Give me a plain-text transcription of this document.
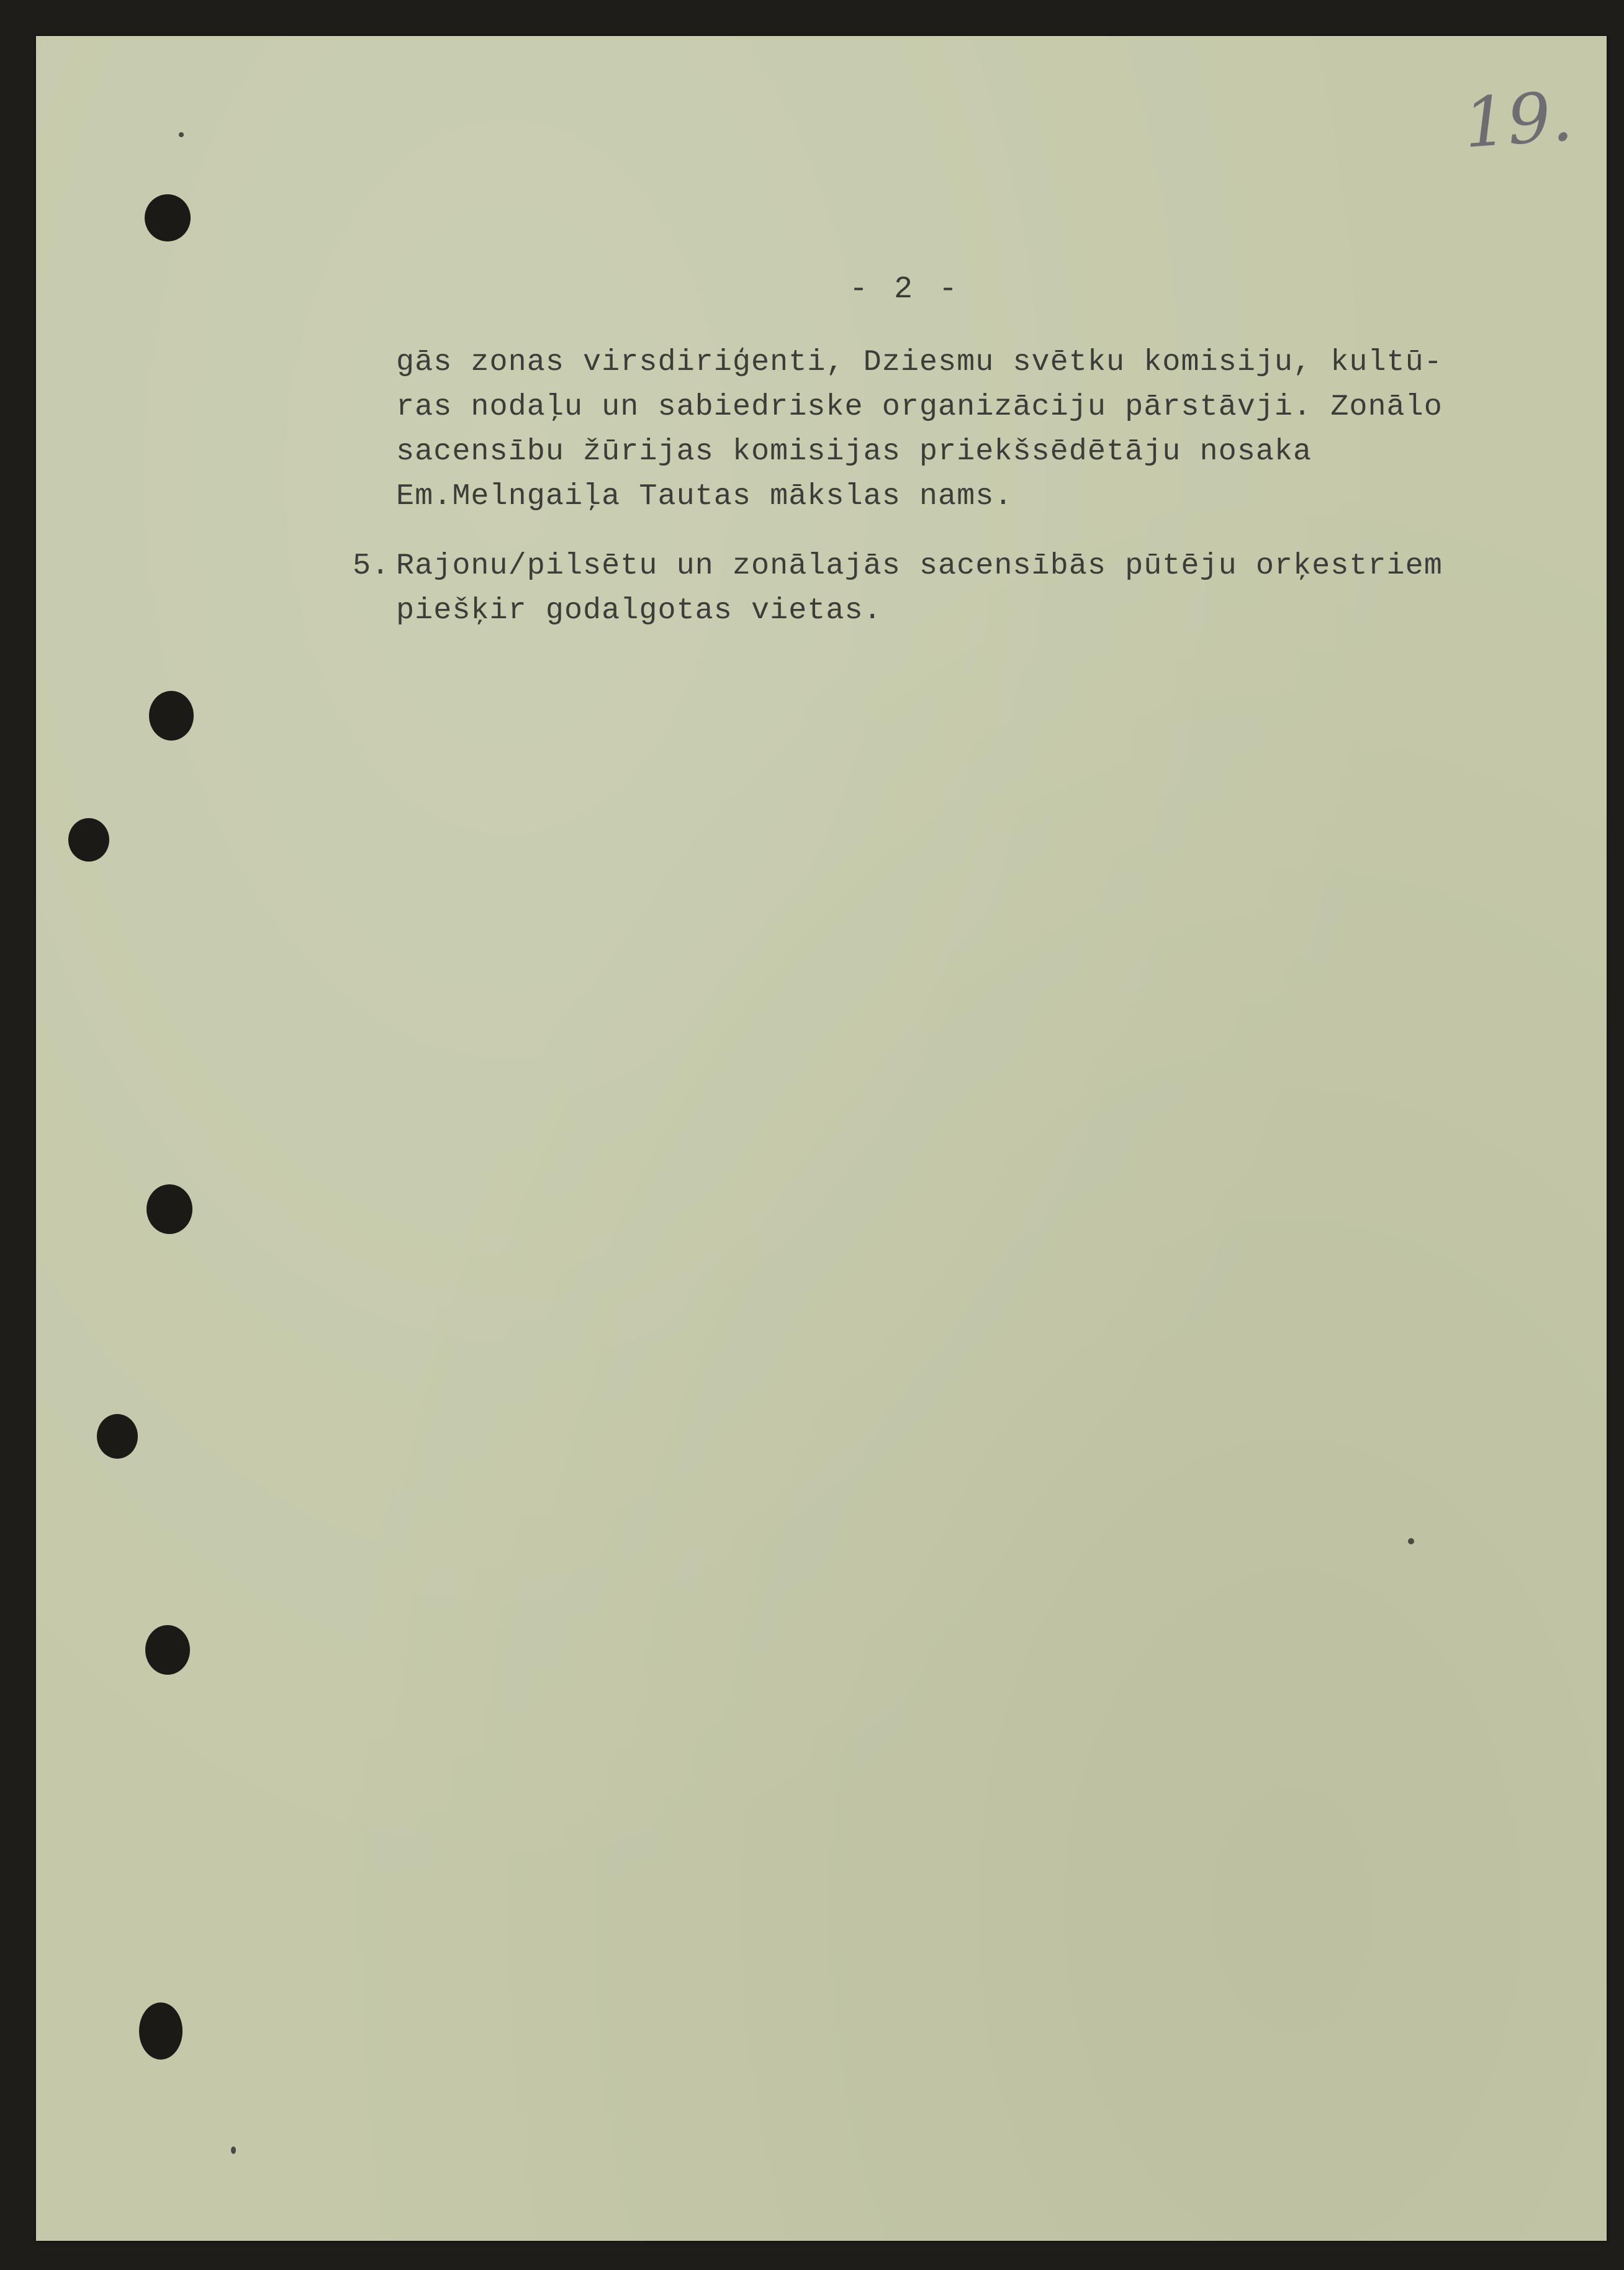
19.
- 2 -
gās zonas virsdiriģenti, Dziesmu svētku komisiju, kultū-
ras nodaļu un sabiedriske organizāciju pārstāvji. Zonālo
sacensību žūrijas komisijas priekšsēdētāju nosaka
Em.Melngaiļa Tautas mākslas nams.
5. Rajonu/pilsētu un zonālajās sacensībās pūtēju orķestriem
piešķir godalgotas vietas.
